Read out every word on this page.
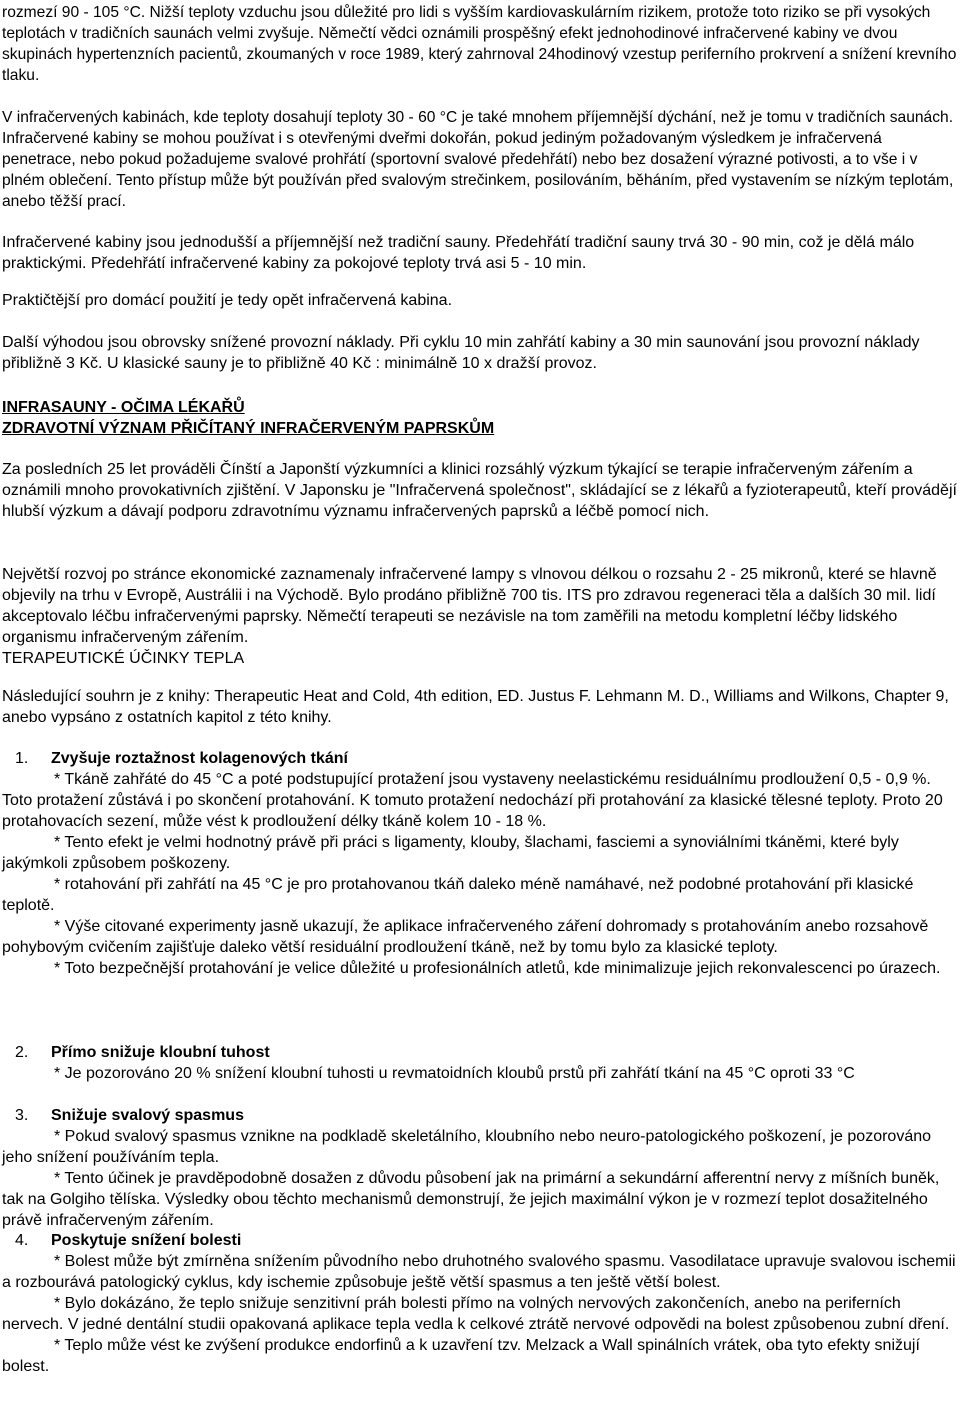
rozmezí 90 - 105 °C. Nižší teploty vzduchu jsou důležité pro lidi s vyšším kardiovaskulárním rizikem, protože toto riziko se při vysokých teplotách v tradičních saunách velmi zvyšuje. Němečtí vědci oznámili prospěšný efekt jednohodinové infračervené kabiny ve dvou skupinách hypertenzních pacientů, zkoumaných v roce 1989, který zahrnoval 24hodinový vzestup periferního prokrvení a snížení krevního tlaku.

V infračervených kabinách, kde teploty dosahují teploty 30 - 60 °C je také mnohem příjemnější dýchání, než je tomu v tradičních saunách. Infračervené kabiny se mohou používat i s otevřenými dveřmi dokořán, pokud jediným požadovaným výsledkem je infračervená penetrace, nebo pokud požadujeme svalové prohřátí (sportovní svalové předehřátí) nebo bez dosažení výrazné potivosti, a to vše i v plném oblečení. Tento přístup může být používán před svalovým strečinkem, posilováním, běháním, před vystavením se nízkým teplotám, anebo těžší prací.

Infračervené kabiny jsou jednodušší a příjemnější než tradiční sauny. Předehřátí tradiční sauny trvá 30 - 90 min, což je dělá málo praktickými. Předehřátí infračervené kabiny za pokojové teploty trvá asi 5 - 10 min.

Praktičtější pro domácí použití je tedy opět infračervená kabina.

Další výhodou jsou obrovsky snížené provozní náklady. Při cyklu 10 min zahřátí kabiny a 30 min saunování jsou provozní náklady přibližně 3 Kč. U klasické sauny je to přibližně 40 Kč : minimálně 10 x dražší provoz.

INFRASAUNY - OČIMA LÉKAŘŮ
ZDRAVOTNÍ VÝZNAM PŘIČÍTANÝ INFRAČERVENÝM PAPRSKŮM

Za posledních 25 let prováděli Čínští a Japonští výzkumníci a klinici rozsáhlý výzkum týkající se terapie infračerveným zářením a oznámili mnoho provokativních zjištění. V Japonsku je "Infračervená společnost", skládající se z lékařů a fyzioterapeutů, kteří provádějí hlubší výzkum a dávají podporu zdravotnímu významu infračervených paprsků a léčbě pomocí nich.

Největší rozvoj po stránce ekonomické zaznamenaly infračervené lampy s vlnovou délkou o rozsahu 2 - 25 mikronů, které se hlavně objevily na trhu v Evropě, Austrálii i na Východě. Bylo prodáno přibližně 700 tis. ITS pro zdravou regeneraci těla a dalších 30 mil. lidí akceptovalo léčbu infračervenými paprsky. Němečtí terapeuti se nezávisle na tom zaměřili na metodu kompletní léčby lidského organismu infračerveným zářením.
TERAPEUTICKÉ ÚČINKY TEPLA

Následující souhrn je z knihy: Therapeutic Heat and Cold, 4th edition, ED. Justus F. Lehmann M. D., Williams and Wilkons, Chapter 9, anebo vypsáno z ostatních kapitol z této knihy.

1. Zvyšuje roztažnost kolagenových tkání
* Tkáně zahřáté do 45 °C a poté podstupující protažení jsou vystaveny neelastickému residuálnímu prodloužení 0,5 - 0,9 %. Toto protažení zůstává i po skončení protahování. K tomuto protažení nedochází při protahování za klasické tělesné teploty. Proto 20 protahovacích sezení, může vést k prodloužení délky tkáně kolem 10 - 18 %.
* Tento efekt je velmi hodnotný právě při práci s ligamenty, klouby, šlachami, fasciemi a synoviálními tkáněmi, které byly jakýmkoli způsobem poškozeny.
* rotahování při zahřátí na 45 °C je pro protahovanou tkáň daleko méně namáhavé, než podobné protahování při klasické teplotě.
* Výše citované experimenty jasně ukazují, že aplikace infračerveného záření dohromady s protahováním anebo rozsahově pohybovým cvičením zajišťuje daleko větší residuální prodloužení tkáně, než by tomu bylo za klasické teploty.
* Toto bezpečnější protahování je velice důležité u profesionálních atletů, kde minimalizuje jejich rekonvalescenci po úrazech.
2. Přímo snižuje kloubní tuhost
* Je pozorováno 20 % snížení kloubní tuhosti u revmatoidních kloubů prstů při zahřátí tkání na 45 °C oproti 33 °C
3. Snižuje svalový spasmus
* Pokud svalový spasmus vznikne na podkladě skeletálního, kloubního nebo neuro-patologického poškození, je pozorováno jeho snížení používáním tepla.
* Tento účinek je pravděpodobně dosažen z důvodu působení jak na primární a sekundární afferentní nervy z míšních buněk, tak na Golgiho tělíska. Výsledky obou těchto mechanismů demonstrují, že jejich maximální výkon je v rozmezí teplot dosažitelného právě infračerveným zářením.
4. Poskytuje snížení bolesti
* Bolest může být zmírněna snížením původního nebo druhotného svalového spasmu. Vasodilatace upravuje svalovou ischemii a rozbourává patologický cyklus, kdy ischemie způsobuje ještě větší spasmus a ten ještě větší bolest.
* Bylo dokázáno, že teplo snižuje senzitivní práh bolesti přímo na volných nervových zakončeních, anebo na periferních nervech. V jedné dentální studii opakovaná aplikace tepla vedla k celkové ztrátě nervové odpovědi na bolest způsobenou zubní dření.
* Teplo může vést ke zvýšení produkce endorfinů a k uzavření tzv. Melzack a Wall spinálních vrátek, oba tyto efekty snižují bolest.
